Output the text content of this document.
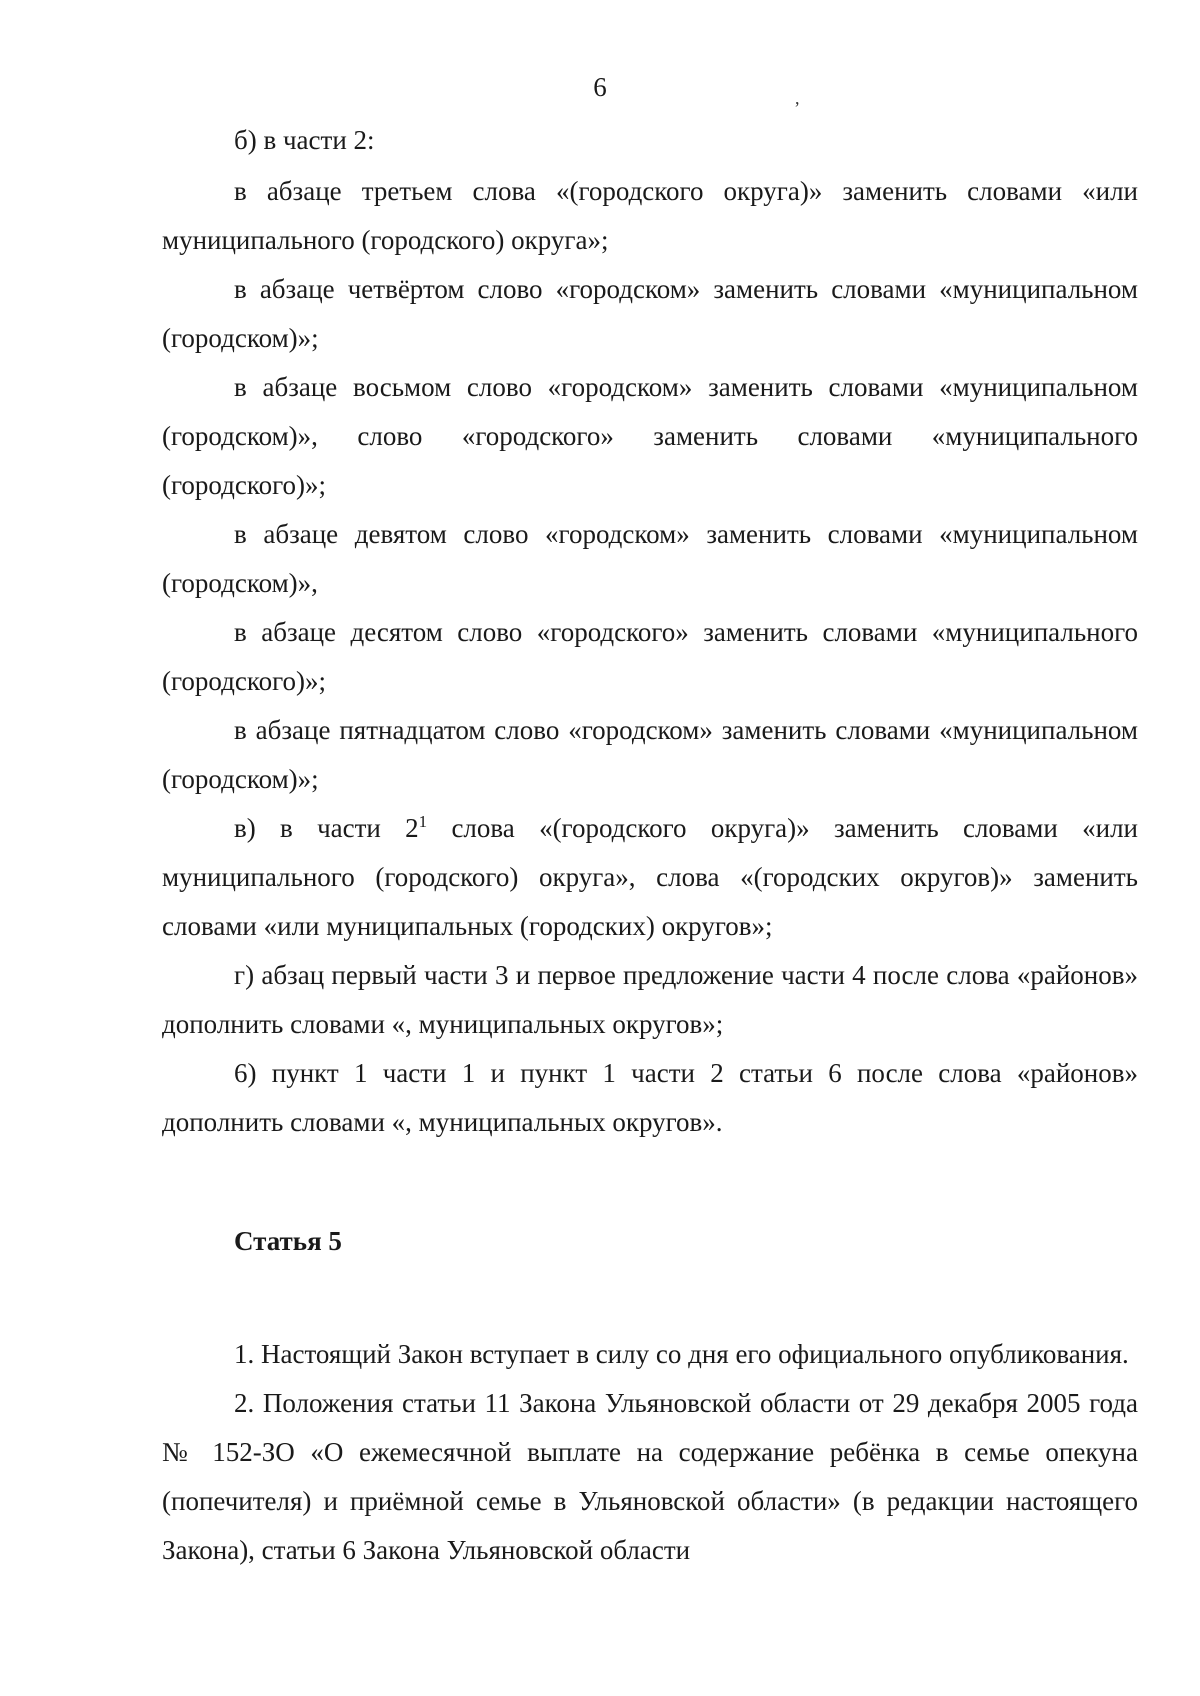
6	,

б) в части 2:

в абзаце третьем слова «(городского округа)» заменить словами «или муниципального (городского) округа»;

в абзаце четвёртом слово «городском» заменить словами «муниципальном (городском)»;

в абзаце восьмом слово «городском» заменить словами «муниципальном (городском)», слово «городского» заменить словами «муниципального (городского)»;

в абзаце девятом слово «городском» заменить словами «муниципальном (городском)»,

в абзаце десятом слово «городского» заменить словами «муниципального (городского)»;

в абзаце пятнадцатом слово «городском» заменить словами «муниципальном (городском)»;

в) в части $2^1$ слова «(городского округа)» заменить словами «или муниципального (городского) округа», слова «(городских округов)» заменить словами «или муниципальных (городских) округов»;

г) абзац первый части 3 и первое предложение части 4 после слова «районов» дополнить словами «, муниципальных округов»;

6) пункт 1 части 1 и пункт 1 части 2 статьи 6 после слова «районов» дополнить словами «, муниципальных округов».

Статья 5

1. Настоящий Закон вступает в силу со дня его официального опубликования.

2. Положения статьи 11 Закона Ульяновской области от 29 декабря 2005 года № 152-ЗО «О ежемесячной выплате на содержание ребёнка в семье опекуна (попечителя) и приёмной семье в Ульяновской области» (в редакции настоящего Закона), статьи 6 Закона Ульяновской области
